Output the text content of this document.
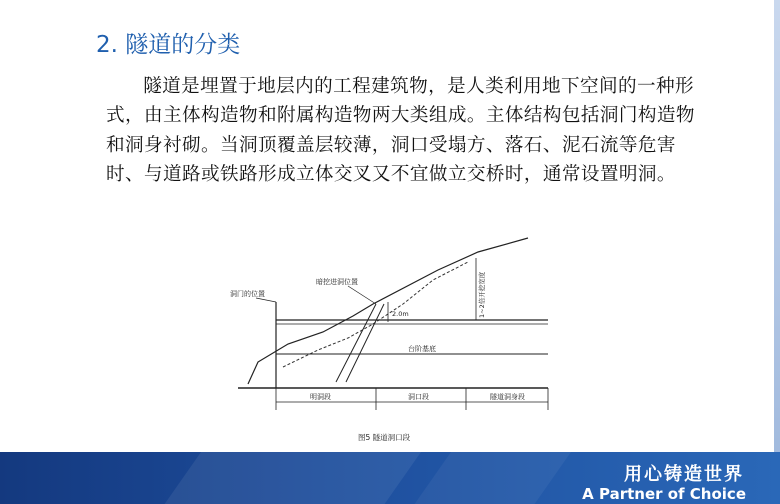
2. 隧道的分类
隧道是埋置于地层内的工程建筑物，是人类利用地下空间的一种形式，由主体构造物和附属构造物两大类组成。主体结构包括洞门构造物和洞身衬砌。当洞顶覆盖层较薄，洞口受塌方、落石、泥石流等危害时、与道路或铁路形成立体交叉又不宜做立交桥时，通常设置明洞。
洞门的位置
暗挖进洞位置
2.0m	1~2倍开挖宽度
台阶基底
明洞段	洞口段	隧道洞身段
图5 隧道洞口段
用心铸造世界
A Partner of Choice
